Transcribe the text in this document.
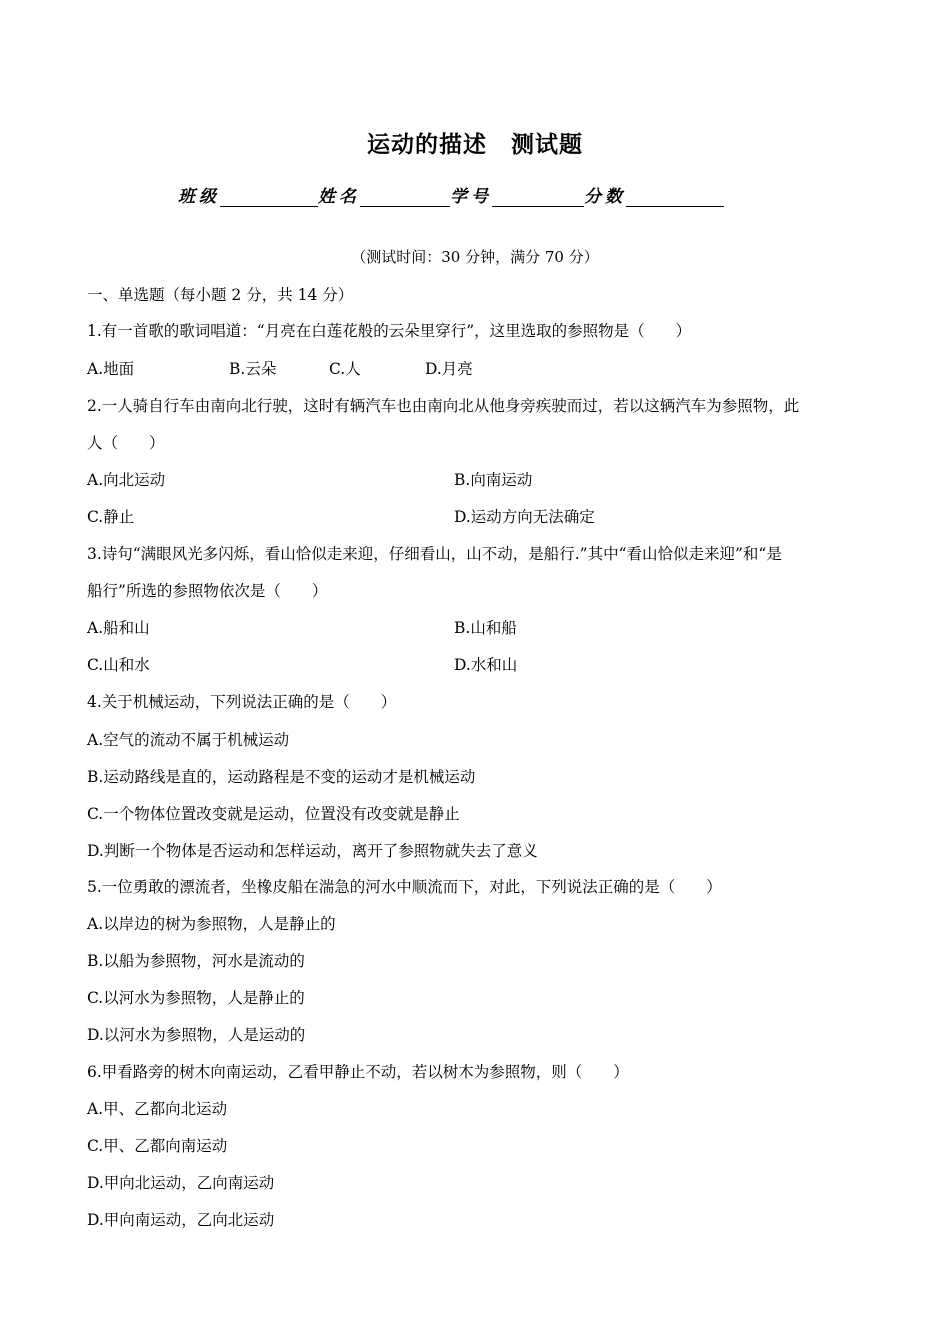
运动的描述　测试题
班级	姓名	学号	分数
（测试时间：30 分钟，满分 70 分）
一、单选题（每小题 2 分，共 14 分）
1.有一首歌的歌词唱道：“月亮在白莲花般的云朵里穿行”，这里选取的参照物是（　　）
A.地面	B.云朵	C.人	D.月亮
2.一人骑自行车由南向北行驶，这时有辆汽车也由南向北从他身旁疾驶而过，若以这辆汽车为参照物，此
人（　　）
A.向北运动	B.向南运动
C.静止	D.运动方向无法确定
3.诗句“满眼风光多闪烁，看山恰似走来迎，仔细看山，山不动，是船行.”其中“看山恰似走来迎”和“是
船行”所选的参照物依次是（　　）
A.船和山	B.山和船
C.山和水	D.水和山
4.关于机械运动，下列说法正确的是（　　）
A.空气的流动不属于机械运动
B.运动路线是直的，运动路程是不变的运动才是机械运动
C.一个物体位置改变就是运动，位置没有改变就是静止
D.判断一个物体是否运动和怎样运动，离开了参照物就失去了意义
5.一位勇敢的漂流者，坐橡皮船在湍急的河水中顺流而下，对此，下列说法正确的是（　　）
A.以岸边的树为参照物，人是静止的
B.以船为参照物，河水是流动的
C.以河水为参照物，人是静止的
D.以河水为参照物，人是运动的
6.甲看路旁的树木向南运动，乙看甲静止不动，若以树木为参照物，则（　　）
A.甲、乙都向北运动
C.甲、乙都向南运动
D.甲向北运动，乙向南运动
D.甲向南运动，乙向北运动
